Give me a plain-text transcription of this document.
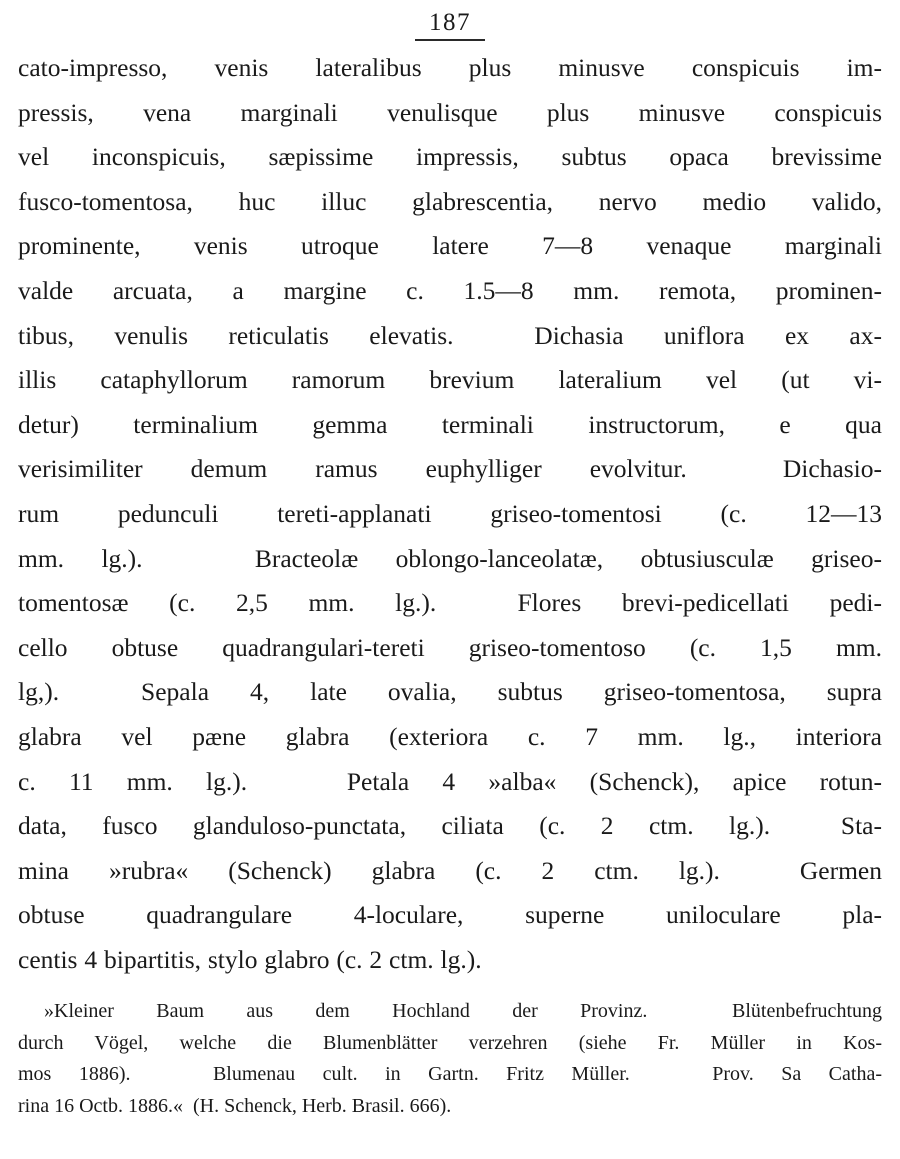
187
cato-impresso, venis lateralibus plus minusve conspicuis im-
pressis, vena marginali venulisque plus minusve conspicuis
vel inconspicuis, sæpissime impressis, subtus opaca brevissime
fusco-tomentosa, huc illuc glabrescentia, nervo medio valido,
prominente, venis utroque latere 7—8 venaque marginali
valde arcuata, a margine c. 1.5—8 mm. remota, prominen-
tibus, venulis reticulatis elevatis.  Dichasia uniflora ex ax-
illis cataphyllorum ramorum brevium lateralium vel (ut vi-
detur) terminalium gemma terminali instructorum, e qua
verisimiliter demum ramus euphylliger evolvitur.  Dichasio-
rum pedunculi tereti-applanati griseo-tomentosi (c. 12—13
mm. lg.).   Bracteolæ oblongo-lanceolatæ, obtusiusculæ griseo-
tomentosæ (c. 2,5 mm. lg.).  Flores brevi-pedicellati pedi-
cello obtuse quadrangulari-tereti griseo-tomentoso (c. 1,5 mm.
lg,).  Sepala 4, late ovalia, subtus griseo-tomentosa, supra
glabra vel pæne glabra (exteriora c. 7 mm. lg., interiora
c. 11 mm. lg.).   Petala 4 »alba« (Schenck), apice rotun-
data, fusco glanduloso-punctata, ciliata (c. 2 ctm. lg.).  Sta-
mina »rubra« (Schenck) glabra (c. 2 ctm. lg.).  Germen
obtuse quadrangulare 4-loculare, superne uniloculare pla-
centis 4 bipartitis, stylo glabro (c. 2 ctm. lg.).
»Kleiner Baum aus dem Hochland der Provinz.  Blütenbefruchtung
durch Vögel, welche die Blumenblätter verzehren (siehe Fr. Müller in Kos-
mos 1886).   Blumenau cult. in Gartn. Fritz Müller.   Prov. Sa Catha-
rina 16 Octb. 1886.«  (H. Schenck, Herb. Brasil. 666).
